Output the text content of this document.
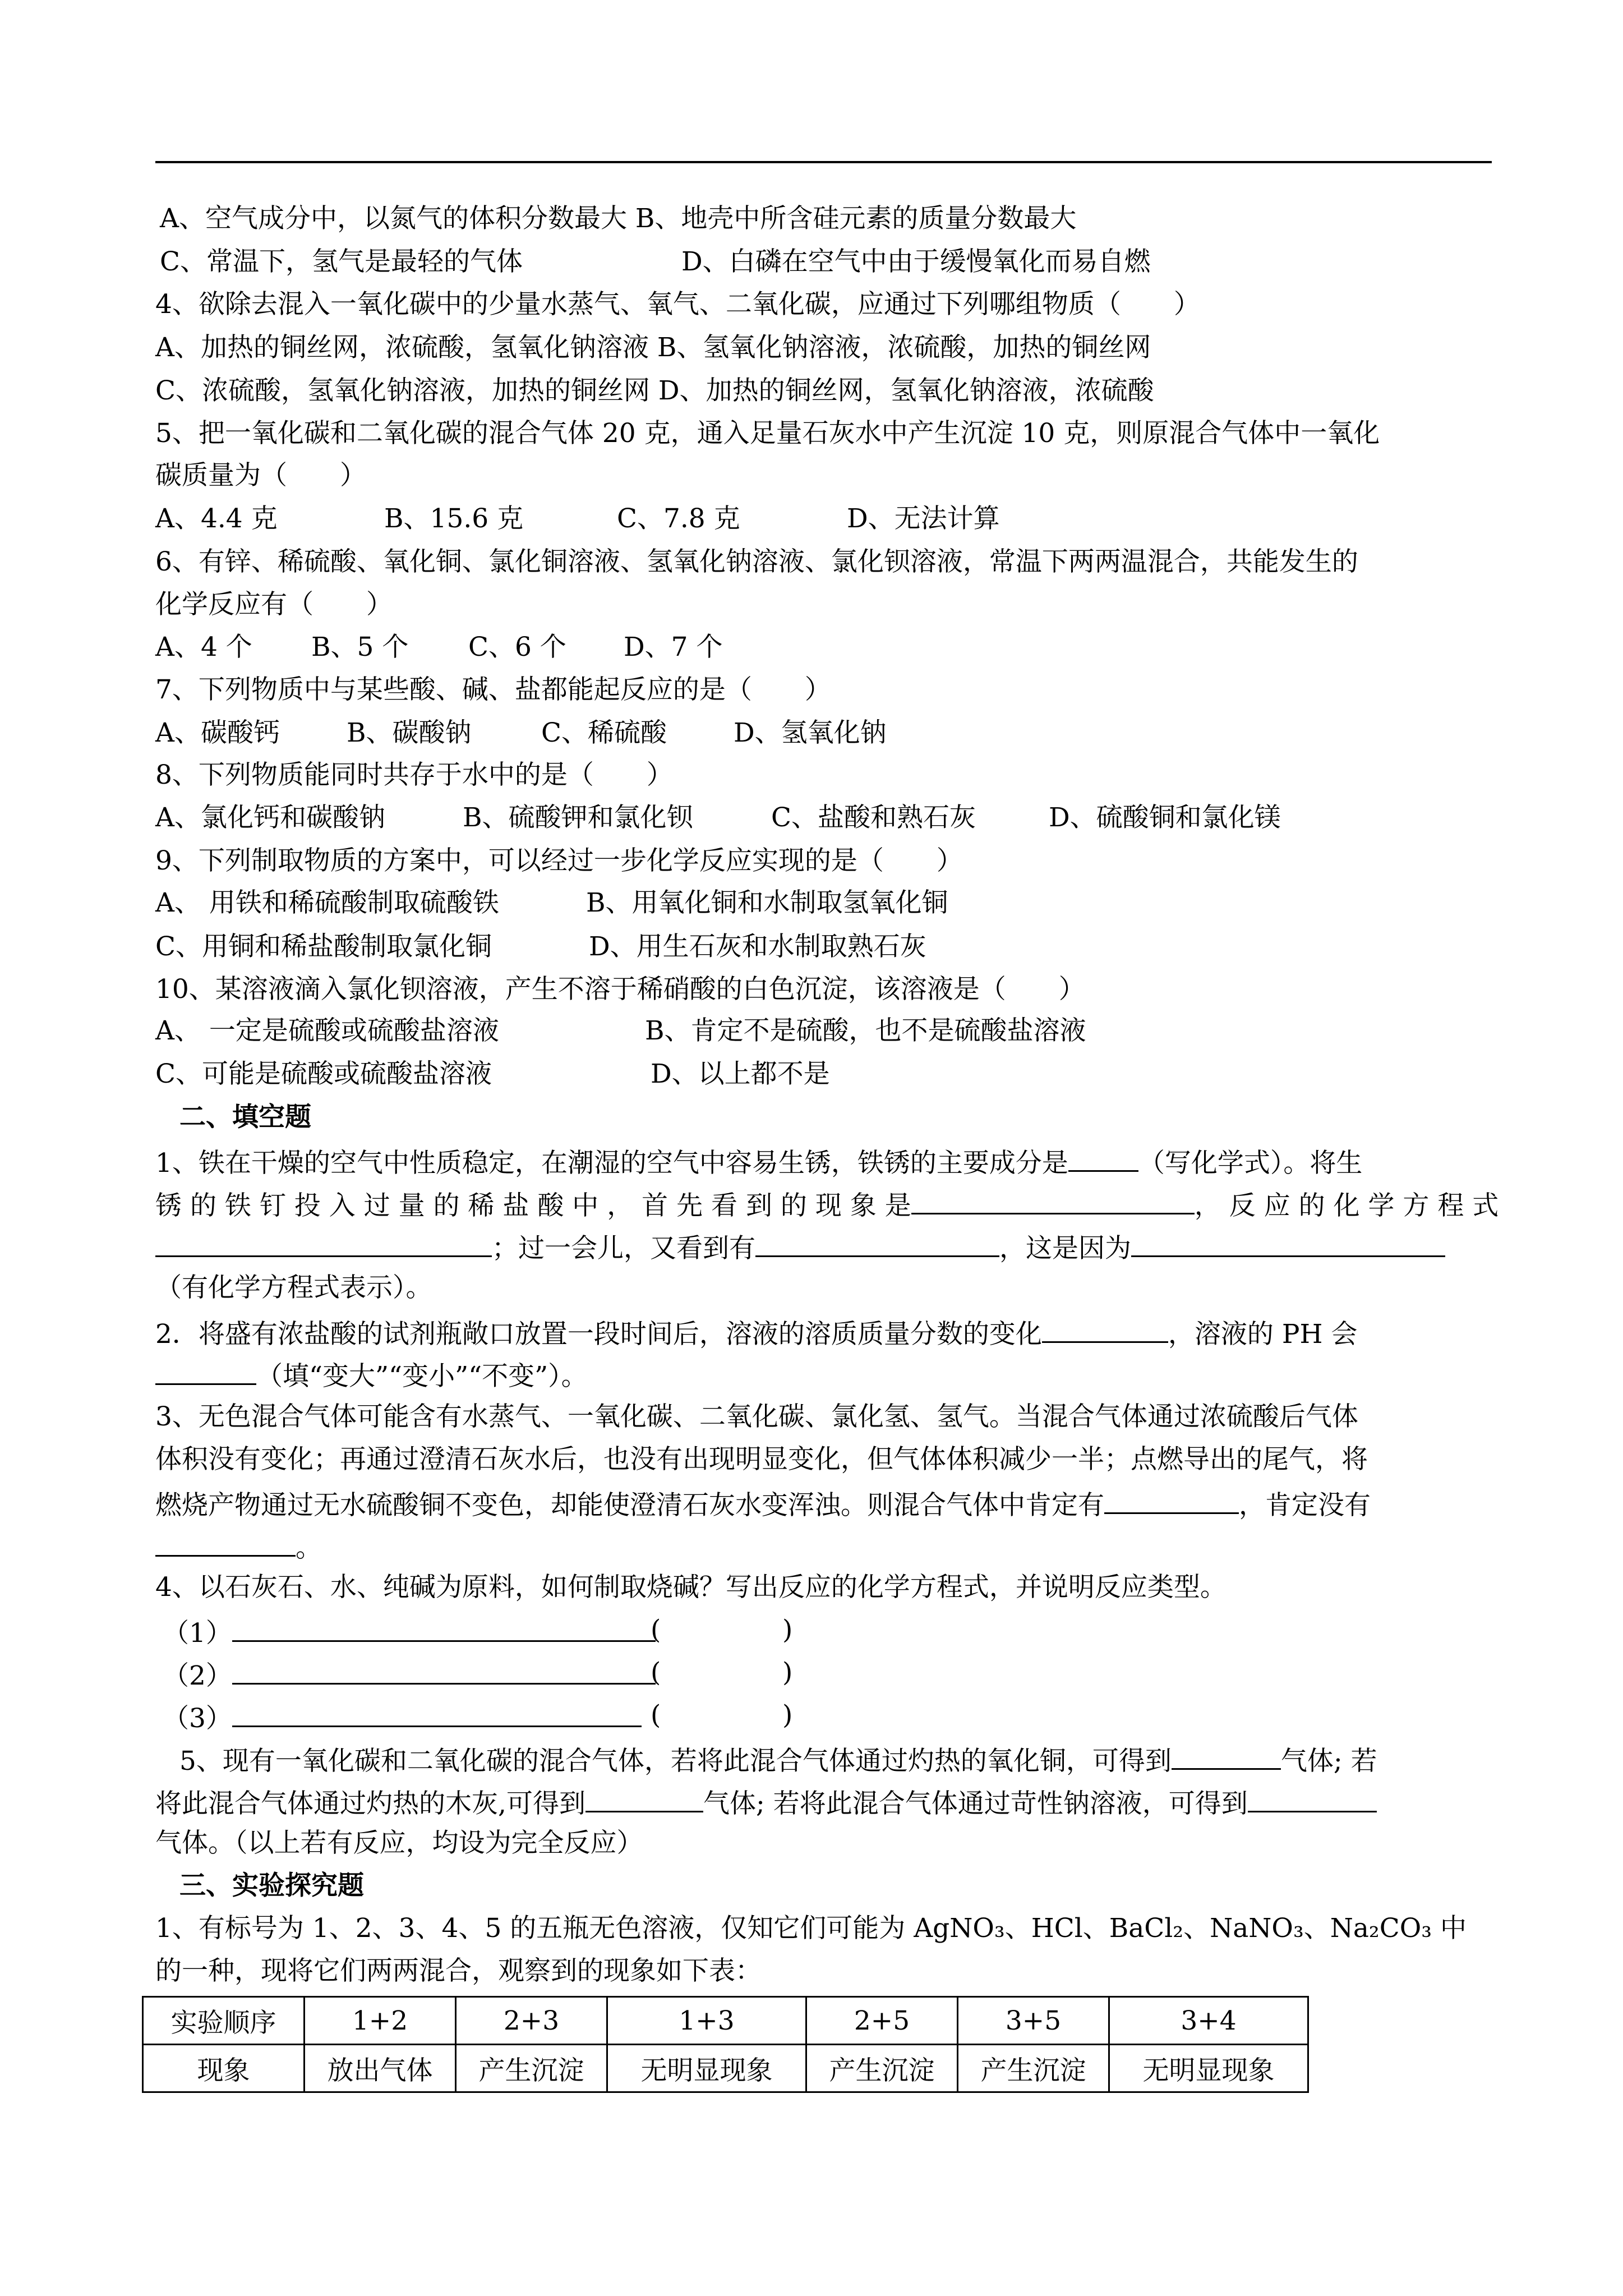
A、空气成分中，以氮气的体积分数最大 B、地壳中所含硅元素的质量分数最大
C、常温下，氢气是最轻的气体	D、白磷在空气中由于缓慢氧化而易自燃
4、欲除去混入一氧化碳中的少量水蒸气、氧气、二氧化碳，应通过下列哪组物质（　　）
A、加热的铜丝网，浓硫酸，氢氧化钠溶液 B、氢氧化钠溶液，浓硫酸，加热的铜丝网
C、浓硫酸，氢氧化钠溶液，加热的铜丝网 D、加热的铜丝网，氢氧化钠溶液，浓硫酸
5、把一氧化碳和二氧化碳的混合气体 20 克，通入足量石灰水中产生沉淀 10 克，则原混合气体中一氧化
碳质量为（　　）
A、4.4 克	B、15.6 克	C、7.8 克	D、无法计算
6、有锌、稀硫酸、氧化铜、氯化铜溶液、氢氧化钠溶液、氯化钡溶液，常温下两两温混合，共能发生的
化学反应有（　　）
A、4 个	B、5 个	C、6 个	D、7 个
7、下列物质中与某些酸、碱、盐都能起反应的是（　　）
A、碳酸钙	B、碳酸钠	C、稀硫酸	D、氢氧化钠
8、下列物质能同时共存于水中的是（　　）
A、氯化钙和碳酸钠	B、硫酸钾和氯化钡	C、盐酸和熟石灰	D、硫酸铜和氯化镁
9、下列制取物质的方案中，可以经过一步化学反应实现的是（　　）
A、 用铁和稀硫酸制取硫酸铁	B、用氧化铜和水制取氢氧化铜
C、用铜和稀盐酸制取氯化铜	D、用生石灰和水制取熟石灰
10、某溶液滴入氯化钡溶液，产生不溶于稀硝酸的白色沉淀，该溶液是（　　）
A、 一定是硫酸或硫酸盐溶液	B、肯定不是硫酸，也不是硫酸盐溶液
C、可能是硫酸或硫酸盐溶液	D、以上都不是
二、填空题
1、铁在干燥的空气中性质稳定，在潮湿的空气中容易生锈，铁锈的主要成分是	（写化学式）。将生
锈 的 铁 钉 投 入 过 量 的 稀 盐 酸 中 ， 首 先 看 到 的 现 象 是	， 反 应 的 化 学 方 程 式
；过一会儿，又看到有	，这是因为
（有化学方程式表示）。
2．将盛有浓盐酸的试剂瓶敞口放置一段时间后，溶液的溶质质量分数的变化	，溶液的 PH 会
（填“变大”“变小”“不变”）。
3、无色混合气体可能含有水蒸气、一氧化碳、二氧化碳、氯化氢、氢气。当混合气体通过浓硫酸后气体
体积没有变化；再通过澄清石灰水后，也没有出现明显变化，但气体体积减少一半；点燃导出的尾气，将
燃烧产物通过无水硫酸铜不变色，却能使澄清石灰水变浑浊。则混合气体中肯定有	，肯定没有
。
4、以石灰石、水、纯碱为原料，如何制取烧碱？写出反应的化学方程式，并说明反应类型。
（1）	(	)
（2）	(	)
（3）	(	)
5、现有一氧化碳和二氧化碳的混合气体，若将此混合气体通过灼热的氧化铜，可得到	气体; 若
将此混合气体通过灼热的木灰,可得到	气体; 若将此混合气体通过苛性钠溶液，可得到
气体。（以上若有反应，均设为完全反应）
三、实验探究题
1、有标号为 1、2、3、4、5 的五瓶无色溶液，仅知它们可能为 AgNO₃、HCl、BaCl₂、NaNO₃、Na₂CO₃ 中
的一种，现将它们两两混合，观察到的现象如下表：
实验顺序	1+2	2+3	1+3	2+5	3+5	3+4
现象	放出气体	产生沉淀	无明显现象	产生沉淀	产生沉淀	无明显现象
